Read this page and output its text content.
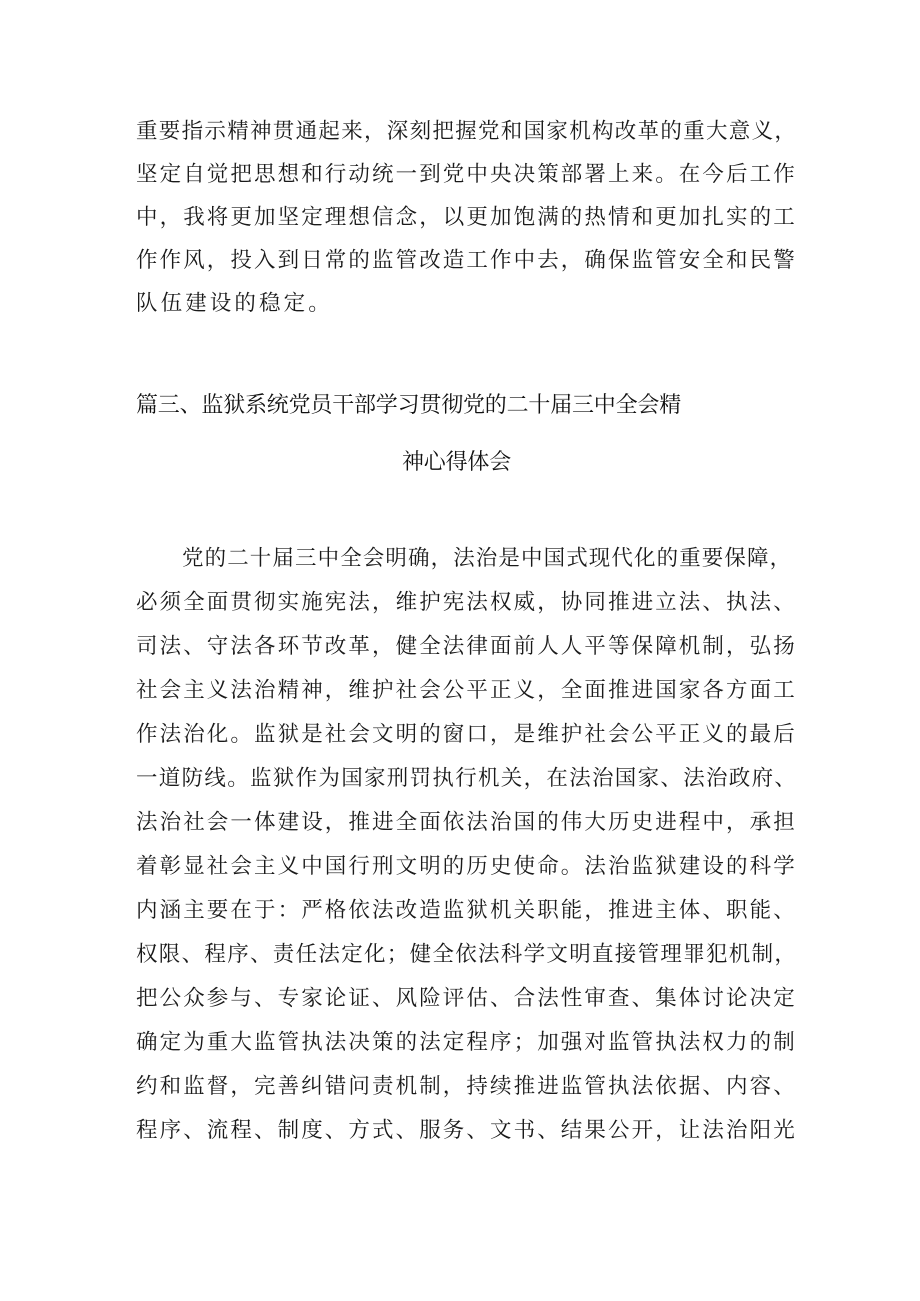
重要指示精神贯通起来，深刻把握党和国家机构改革的重大意义，
坚定自觉把思想和行动统一到党中央决策部署上来。在今后工作
中，我将更加坚定理想信念，以更加饱满的热情和更加扎实的工
作作风，投入到日常的监管改造工作中去，确保监管安全和民警
队伍建设的稳定。
篇三、监狱系统党员干部学习贯彻党的二十届三中全会精
神心得体会
党的二十届三中全会明确，法治是中国式现代化的重要保障，
必须全面贯彻实施宪法，维护宪法权威，协同推进立法、执法、
司法、守法各环节改革，健全法律面前人人平等保障机制，弘扬
社会主义法治精神，维护社会公平正义，全面推进国家各方面工
作法治化。监狱是社会文明的窗口，是维护社会公平正义的最后
一道防线。监狱作为国家刑罚执行机关，在法治国家、法治政府、
法治社会一体建设，推进全面依法治国的伟大历史进程中，承担
着彰显社会主义中国行刑文明的历史使命。法治监狱建设的科学
内涵主要在于：严格依法改造监狱机关职能，推进主体、职能、
权限、程序、责任法定化；健全依法科学文明直接管理罪犯机制，
把公众参与、专家论证、风险评估、合法性审查、集体讨论决定
确定为重大监管执法决策的法定程序；加强对监管执法权力的制
约和监督，完善纠错问责机制，持续推进监管执法依据、内容、
程序、流程、制度、方式、服务、文书、结果公开，让法治阳光
